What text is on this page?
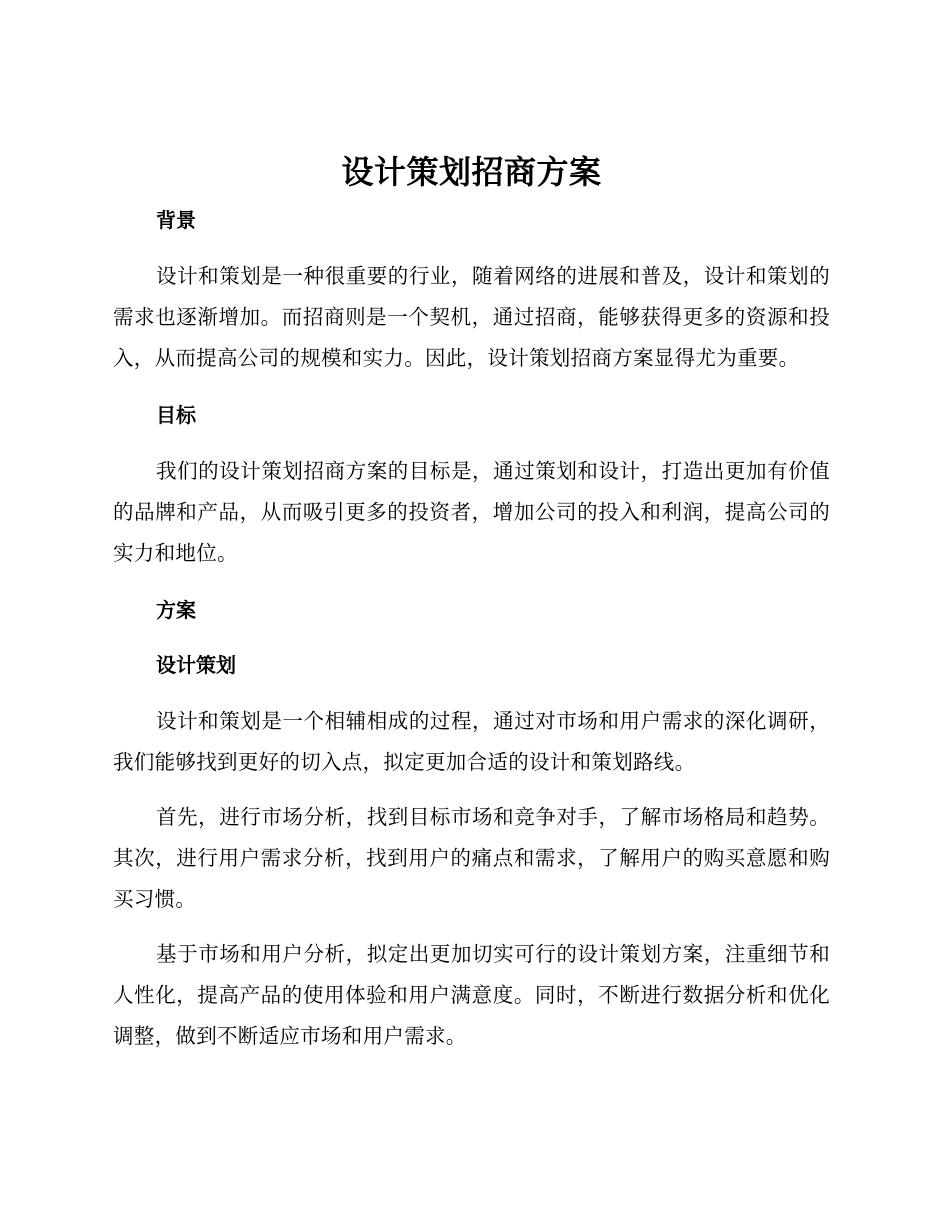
设计策划招商方案
背景

设计和策划是一种很重要的行业，随着网络的进展和普及，设计和策划的需求也逐渐增加。而招商则是一个契机，通过招商，能够获得更多的资源和投入，从而提高公司的规模和实力。因此，设计策划招商方案显得尤为重要。

目标

我们的设计策划招商方案的目标是，通过策划和设计，打造出更加有价值的品牌和产品，从而吸引更多的投资者，增加公司的投入和利润，提高公司的实力和地位。

方案
设计策划

设计和策划是一个相辅相成的过程，通过对市场和用户需求的深化调研，我们能够找到更好的切入点，拟定更加合适的设计和策划路线。

首先，进行市场分析，找到目标市场和竞争对手，了解市场格局和趋势。其次，进行用户需求分析，找到用户的痛点和需求，了解用户的购买意愿和购买习惯。

基于市场和用户分析，拟定出更加切实可行的设计策划方案，注重细节和人性化，提高产品的使用体验和用户满意度。同时，不断进行数据分析和优化调整，做到不断适应市场和用户需求。
